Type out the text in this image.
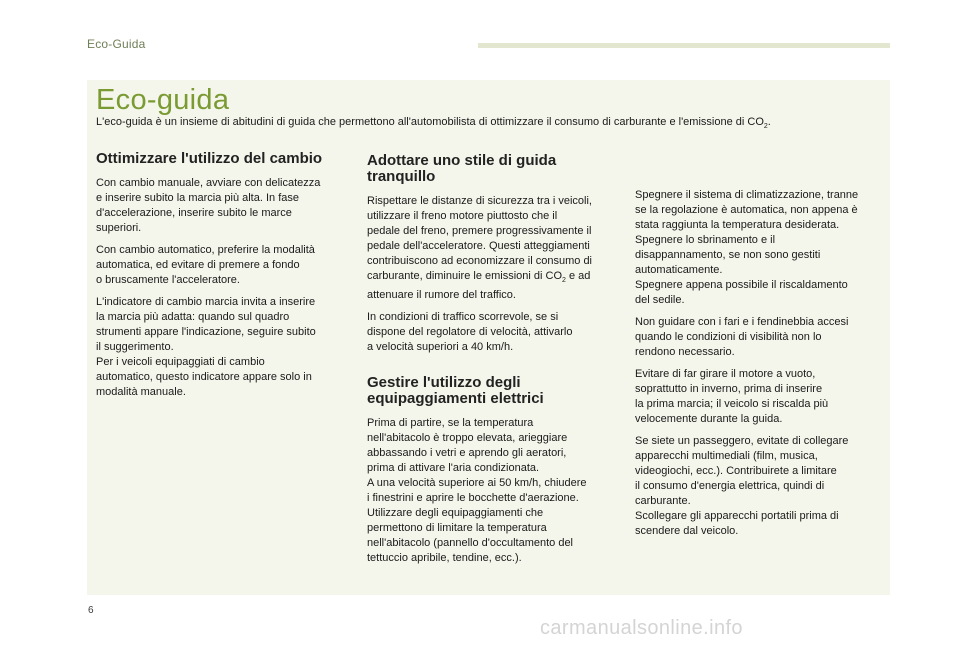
Eco-Guida
Eco-guida
L'eco-guida è un insieme di abitudini di guida che permettono all'automobilista di ottimizzare il consumo di carburante e l'emissione di $CO_2$.
Ottimizzare l'utilizzo del cambio

Con cambio manuale, avviare con delicatezza
e inserire subito la marcia più alta. In fase
d'accelerazione, inserire subito le marce
superiori.

Con cambio automatico, preferire la modalità
automatica, ed evitare di premere a fondo
o bruscamente l'acceleratore.

L'indicatore di cambio marcia invita a inserire
la marcia più adatta: quando sul quadro
strumenti appare l'indicazione, seguire subito
il suggerimento.
Per i veicoli equipaggiati di cambio
automatico, questo indicatore appare solo in
modalità manuale.

Adottare uno stile di guida
tranquillo

Rispettare le distanze di sicurezza tra i veicoli,
utilizzare il freno motore piuttosto che il
pedale del freno, premere progressivamente il
pedale dell'acceleratore. Questi atteggiamenti
contribuiscono ad economizzare il consumo di
carburante, diminuire le emissioni di $CO_2$ e ad
attenuare il rumore del traffico.

In condizioni di traffico scorrevole, se si
dispone del regolatore di velocità, attivarlo
a velocità superiori a 40 km/h.

Gestire l'utilizzo degli
equipaggiamenti elettrici

Prima di partire, se la temperatura
nell'abitacolo è troppo elevata, arieggiare
abbassando i vetri e aprendo gli aeratori,
prima di attivare l'aria condizionata.
A una velocità superiore ai 50 km/h, chiudere
i finestrini e aprire le bocchette d'aerazione.
Utilizzare degli equipaggiamenti che
permettono di limitare la temperatura
nell'abitacolo (pannello d'occultamento del
tettuccio apribile, tendine, ecc.).

Spegnere il sistema di climatizzazione, tranne
se la regolazione è automatica, non appena è
stata raggiunta la temperatura desiderata.
Spegnere lo sbrinamento e il
disappannamento, se non sono gestiti
automaticamente.
Spegnere appena possibile il riscaldamento
del sedile.

Non guidare con i fari e i fendinebbia accesi
quando le condizioni di visibilità non lo
rendono necessario.

Evitare di far girare il motore a vuoto,
soprattutto in inverno, prima di inserire
la prima marcia; il veicolo si riscalda più
velocemente durante la guida.

Se siete un passeggero, evitate di collegare
apparecchi multimediali (film, musica,
videogiochi, ecc.). Contribuirete a limitare
il consumo d'energia elettrica, quindi di
carburante.
Scollegare gli apparecchi portatili prima di
scendere dal veicolo.

6
carmanualsonline.info
